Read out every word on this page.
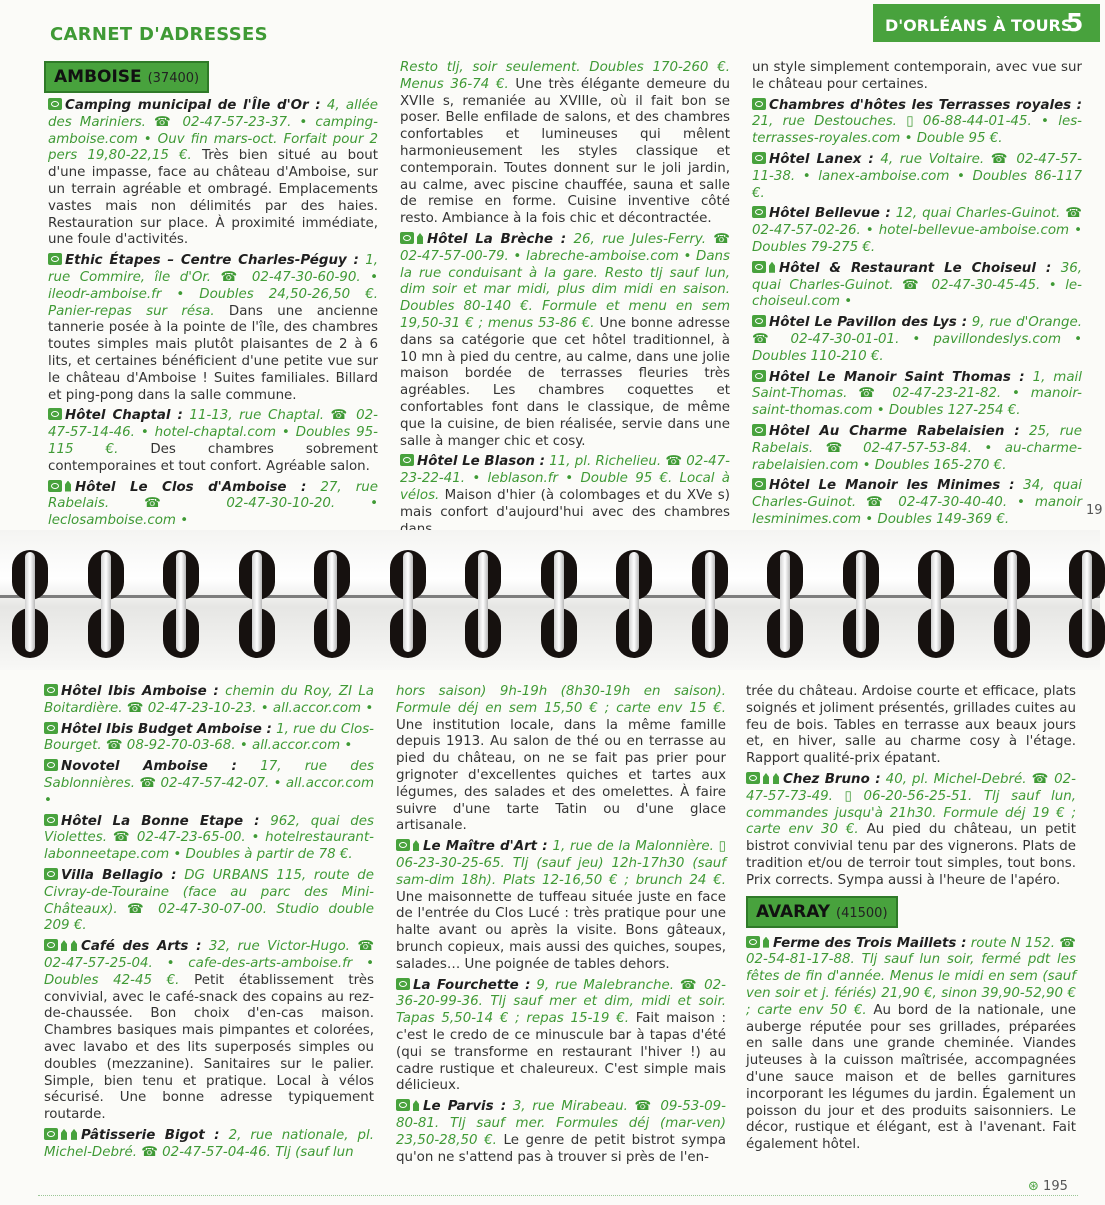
CARNET D'ADRESSES	D'ORLÉANS À TOURS
5
AMBOISE (37400)

Camping municipal de l'Île d'Or : 4, allée des Mariniers. ☎ 02-47-57-23-37. • camping-amboise.com • Ouv fin mars-oct. Forfait pour 2 pers 19,80-22,15 €. Très bien situé au bout d'une impasse, face au château d'Amboise, sur un terrain agréable et ombragé. Emplacements vastes mais non délimités par des haies. Restauration sur place. À proximité immédiate, une foule d'activités.

Ethic Étapes – Centre Charles-Péguy : 1, rue Commire, île d'Or. ☎ 02-47-30-60-90. • ileodr-amboise.fr • Doubles 24,50-26,50 €. Panier-repas sur résa. Dans une ancienne tannerie posée à la pointe de l'île, des chambres toutes simples mais plutôt plaisantes de 2 à 6 lits, et certaines bénéficient d'une petite vue sur le château d'Amboise ! Suites familiales. Billard et ping-pong dans la salle commune.

Hôtel Chaptal : 11-13, rue Chaptal. ☎ 02-47-57-14-46. • hotel-chaptal.com • Doubles 95-115 €. Des chambres sobrement contemporaines et tout confort. Agréable salon.

Hôtel Le Clos d'Amboise : 27, rue Rabelais. ☎ 02-47-30-10-20. • leclosamboise.com •

Resto tlj, soir seulement. Doubles 170-260 €. Menus 36-74 €. Une très élégante demeure du XVIIe s, remaniée au XVIIIe, où il fait bon se poser. Belle enfilade de salons, et des chambres confortables et lumineuses qui mêlent harmonieusement les styles classique et contemporain. Toutes donnent sur le joli jardin, au calme, avec piscine chauffée, sauna et salle de remise en forme. Cuisine inventive côté resto. Ambiance à la fois chic et décontractée.

Hôtel La Brèche : 26, rue Jules-Ferry. ☎ 02-47-57-00-79. • labreche-amboise.com • Dans la rue conduisant à la gare. Resto tlj sauf lun, dim soir et mar midi, plus dim midi en saison. Doubles 80-140 €. Formule et menu en sem 19,50-31 € ; menus 53-86 €. Une bonne adresse dans sa catégorie que cet hôtel traditionnel, à 10 mn à pied du centre, au calme, dans une jolie maison bordée de terrasses fleuries très agréables. Les chambres coquettes et confortables font dans le classique, de même que la cuisine, de bien réalisée, servie dans une salle à manger chic et cosy.

Hôtel Le Blason : 11, pl. Richelieu. ☎ 02-47-23-22-41. • leblason.fr • Double 95 €. Local à vélos. Maison d'hier (à colombages et du XVe s) mais confort d'aujourd'hui avec des chambres

un style simplement contemporain, avec vue sur le château pour certaines.

Chambres d'hôtes les Terrasses royales : 21, rue Destouches. ▯ 06-88-44-01-45. • les-terrasses-royales.com • Double 95 €.

Hôtel Lanex : 4, rue Voltaire. ☎ 02-47-57-11-38. • lanex-amboise.com • Doubles 86-117 €.

Hôtel Bellevue : 12, quai Charles-Guinot. ☎ 02-47-57-02-26. • hotel-bellevue-amboise.com • Doubles 79-275 €.

Hôtel & Restaurant Le Choiseul : 36, quai Charles-Guinot. ☎ 02-47-30-45-45. • le-choiseul.com •

Hôtel Le Pavillon des Lys : 9, rue d'Orange. ☎ 02-47-30-01-01. • pavillondeslys.com • Doubles 110-210 €.

Hôtel Le Manoir Saint Thomas : 1, mail Saint-Thomas. ☎ 02-47-23-21-82. • manoir-saint-thomas.com • Doubles 127-254 €.

Hôtel Au Charme Rabelaisien : 25, rue Rabelais. ☎ 02-47-57-53-84. • au-charme-rabelaisien.com • Doubles 165-270 €.

Hôtel Le Manoir les Minimes : 34, quai Charles-Guinot. ☎ 02-47-30-40-40. • manoir lesminimes.com • Doubles 149-369 €.

19

Hôtel Ibis Amboise : chemin du Roy, ZI La Boitardière. ☎ 02-47-23-10-23. • all.accor.com •

Hôtel Ibis Budget Amboise : 1, rue du Clos-Bourget. ☎ 08-92-70-03-68. • all.accor.com •

Novotel Amboise : 17, rue des Sablonnières. ☎ 02-47-57-42-07. • all.accor.com •

Hôtel La Bonne Etape : 962, quai des Violettes. ☎ 02-47-23-65-00. • hotelrestaurant-labonneetape.com • Doubles à partir de 78 €.

Villa Bellagio : DG URBANS 115, route de Civray-de-Touraine (face au parc des Mini-Châteaux). ☎ 02-47-30-07-00. Studio double 209 €.

Café des Arts : 32, rue Victor-Hugo. ☎ 02-47-57-25-04. • cafe-des-arts-amboise.fr • Doubles 42-45 €. Petit établissement très convivial, avec le café-snack des copains au rez-de-chaussée. Bon choix d'en-cas maison. Chambres basiques mais pimpantes et colorées, avec lavabo et des lits superposés simples ou doubles (mezzanine). Sanitaires sur le palier. Simple, bien tenu et pratique. Local à vélos sécurisé. Une bonne adresse typiquement routarde.

Pâtisserie Bigot : 2, rue nationale, pl. Michel-Debré. ☎ 02-47-57-04-46. Tlj (sauf lun

hors saison) 9h-19h (8h30-19h en saison). Formule déj en sem 15,50 € ; carte env 15 €. Une institution locale, dans la même famille depuis 1913. Au salon de thé ou en terrasse au pied du château, on ne se fait pas prier pour grignoter d'excellentes quiches et tartes aux légumes, des salades et des omelettes. À faire suivre d'une tarte Tatin ou d'une glace artisanale.

Le Maître d'Art : 1, rue de la Malonnière. ▯ 06-23-30-25-65. Tlj (sauf jeu) 12h-17h30 (sauf sam-dim 18h). Plats 12-16,50 € ; brunch 24 €. Une maisonnette de tuffeau située juste en face de l'entrée du Clos Lucé : très pratique pour une halte avant ou après la visite. Bons gâteaux, brunch copieux, mais aussi des quiches, soupes, salades… Une poignée de tables dehors.

La Fourchette : 9, rue Malebranche. ☎ 02-36-20-99-36. Tlj sauf mer et dim, midi et soir. Tapas 5,50-14 € ; repas 15-19 €. Fait maison : c'est le credo de ce minuscule bar à tapas d'été (qui se transforme en restaurant l'hiver !) au cadre rustique et chaleureux. C'est simple mais délicieux.

Le Parvis : 3, rue Mirabeau. ☎ 09-53-09-80-81. Tlj sauf mer. Formules déj (mar-ven) 23,50-28,50 €. Le genre de petit bistrot sympa qu'on ne s'attend pas à trouver si près de l'en-

trée du château. Ardoise courte et efficace, plats soignés et joliment présentés, grillades cuites au feu de bois. Tables en terrasse aux beaux jours et, en hiver, salle au charme cosy à l'étage. Rapport qualité-prix épatant.

Chez Bruno : 40, pl. Michel-Debré. ☎ 02-47-57-73-49. ▯ 06-20-56-25-51. Tlj sauf lun, commandes jusqu'à 21h30. Formule déj 19 € ; carte env 30 €. Au pied du château, un petit bistrot convivial tenu par des vignerons. Plats de tradition et/ou de terroir tout simples, tout bons. Prix corrects. Sympa aussi à l'heure de l'apéro.

AVARAY (41500)

Ferme des Trois Maillets : route N 152. ☎ 02-54-81-17-88. Tlj sauf lun soir, fermé pdt les fêtes de fin d'année. Menus le midi en sem (sauf ven soir et j. fériés) 21,90 €, sinon 39,90-52,90 € ; carte env 50 €. Au bord de la nationale, une auberge réputée pour ses grillades, préparées en salle dans une grande cheminée. Viandes juteuses à la cuisson maîtrisée, accompagnées d'une sauce maison et de belles garnitures incorporant les légumes du jardin. Également un poisson du jour et des produits saisonniers. Le décor, rustique et élégant, est à l'avenant. Fait également hôtel.

⊛ 195
